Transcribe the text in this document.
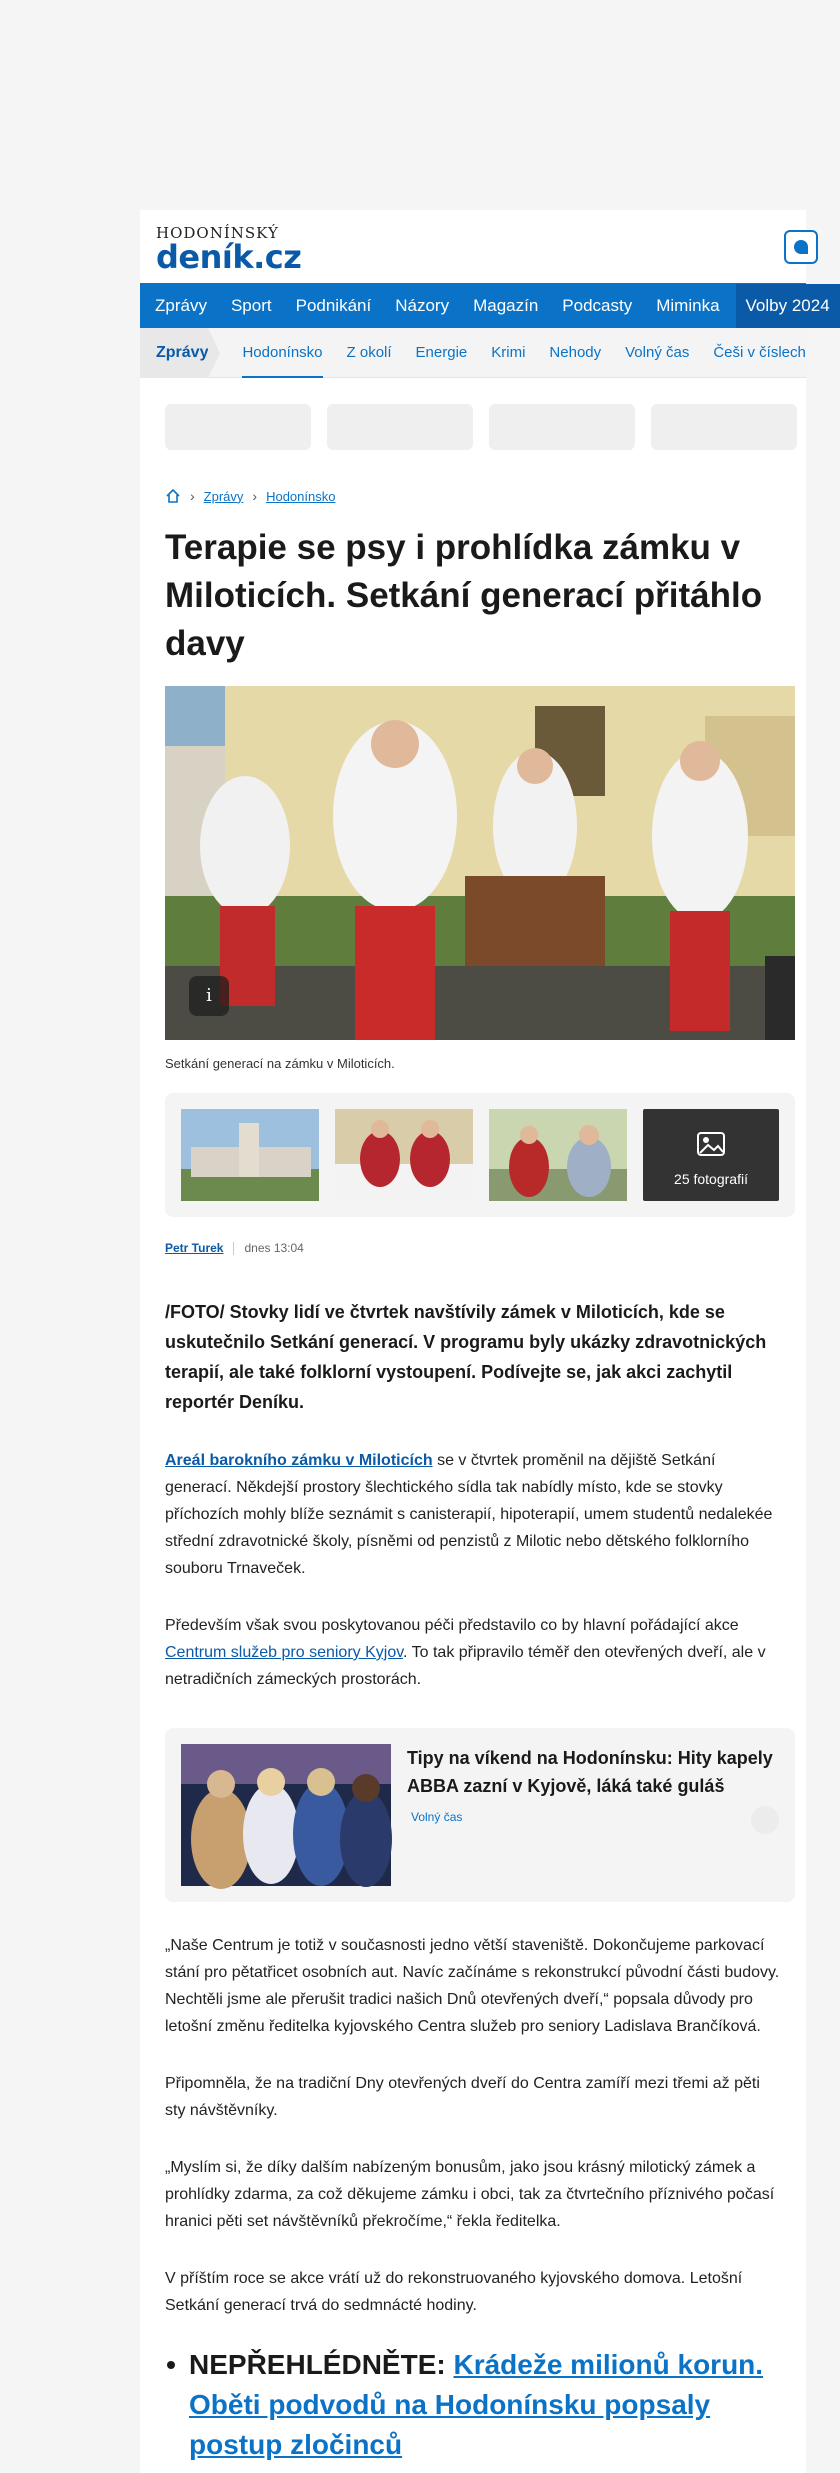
HODONÍNSKÝ
deník.cz
Zprávy Sport Podnikání Názory Magazín Podcasty Miminka	Volby 2024
Zprávy Hodonínsko Z okolí Energie Krimi Nehody Volný čas Češi v číslech
› Zprávy › Hodonínsko
Terapie se psy i prohlídka zámku v Miloticích. Setkání generací přitáhlo davy
i
Setkání generací na zámku v Miloticích.
25 fotografií
Petr Turek dnes 13:04

/FOTO/ Stovky lidí ve čtvrtek navštívily zámek v Miloticích, kde se uskutečnilo Setkání generací. V programu byly ukázky zdravotnických terapií, ale také folklorní vystoupení. Podívejte se, jak akci zachytil reportér Deníku.

Areál barokního zámku v Miloticích se v čtvrtek proměnil na dějiště Setkání generací. Někdejší prostory šlechtického sídla tak nabídly místo, kde se stovky příchozích mohly blíže seznámit s canisterapií, hipoterapií, umem studentů nedalekée střední zdravotnické školy, písněmi od penzistů z Milotic nebo dětského folklorního souboru Trnaveček.

Především však svou poskytovanou péči představilo co by hlavní pořádající akce Centrum služeb pro seniory Kyjov. To tak připravilo téměř den otevřených dveří, ale v netradičních zámeckých prostorách.

Tipy na víkend na Hodonínsku: Hity kapely ABBA zazní v Kyjově, láká také guláš
Volný čas

„Naše Centrum je totiž v současnosti jedno větší staveniště. Dokončujeme parkovací stání pro pětatřicet osobních aut. Navíc začínáme s rekonstrukcí původní části budovy. Nechtěli jsme ale přerušit tradici našich Dnů otevřených dveří,“ popsala důvody pro letošní změnu ředitelka kyjovského Centra služeb pro seniory Ladislava Brančíková.

Připomněla, že na tradiční Dny otevřených dveří do Centra zamíří mezi třemi až pěti sty návštěvníky.

„Myslím si, že díky dalším nabízeným bonusům, jako jsou krásný milotický zámek a prohlídky zdarma, za což děkujeme zámku i obci, tak za čtvrtečního příznivého počasí hranici pěti set návštěvníků překročíme,“ řekla ředitelka.

V příštím roce se akce vrátí už do rekonstruovaného kyjovského domova. Letošní Setkání generací trvá do sedmnácté hodiny.

NEPŘEHLÉDNĚTE: Krádeže milionů korun. Oběti podvodů na Hodonínsku popsaly postup zločinců
